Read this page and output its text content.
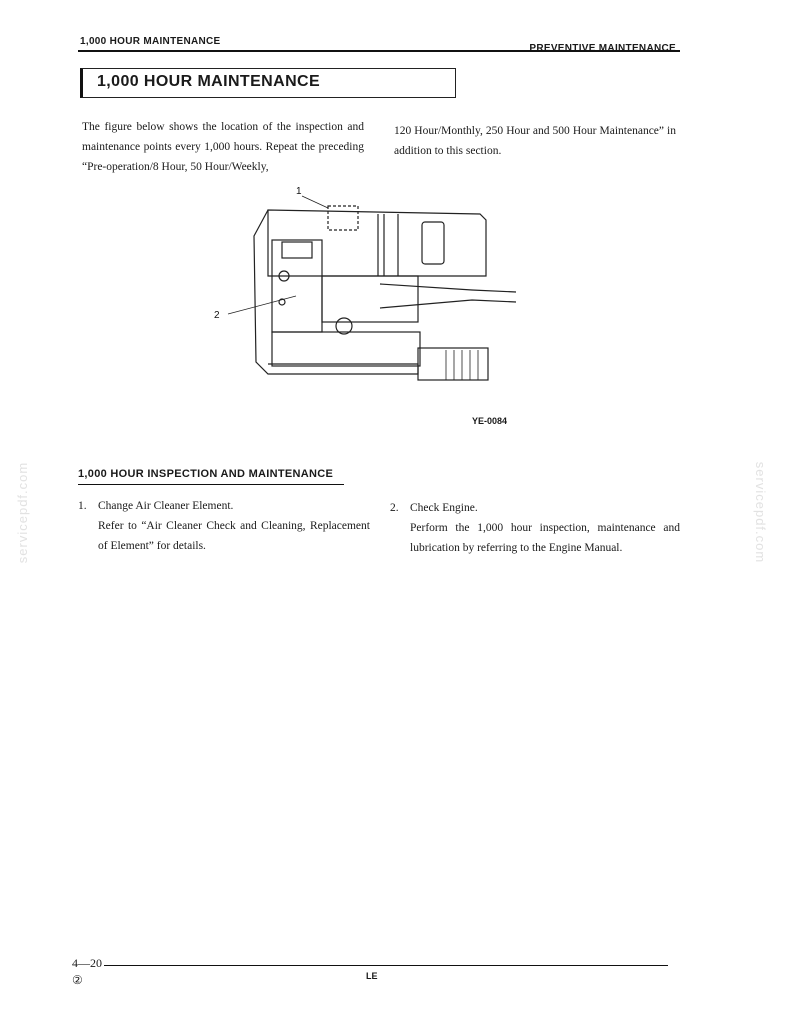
1,000 HOUR MAINTENANCE
PREVENTIVE MAINTENANCE
1,000 HOUR MAINTENANCE
The figure below shows the location of the inspection and maintenance points every 1,000 hours. Repeat the preceding “Pre-operation/8 Hour, 50 Hour/Weekly,
120 Hour/Monthly, 250 Hour and 500 Hour Maintenance” in addition to this section.
1
2
YE-0084
1,000 HOUR INSPECTION AND MAINTENANCE
1. Change Air Cleaner Element.
Refer to “Air Cleaner Check and Cleaning, Replacement of Element” for details.
2. Check Engine.
Perform the 1,000 hour inspection, maintenance and lubrication by referring to the Engine Manual.
servicepdf.com	servicepdf.com
4—20
②	LE
